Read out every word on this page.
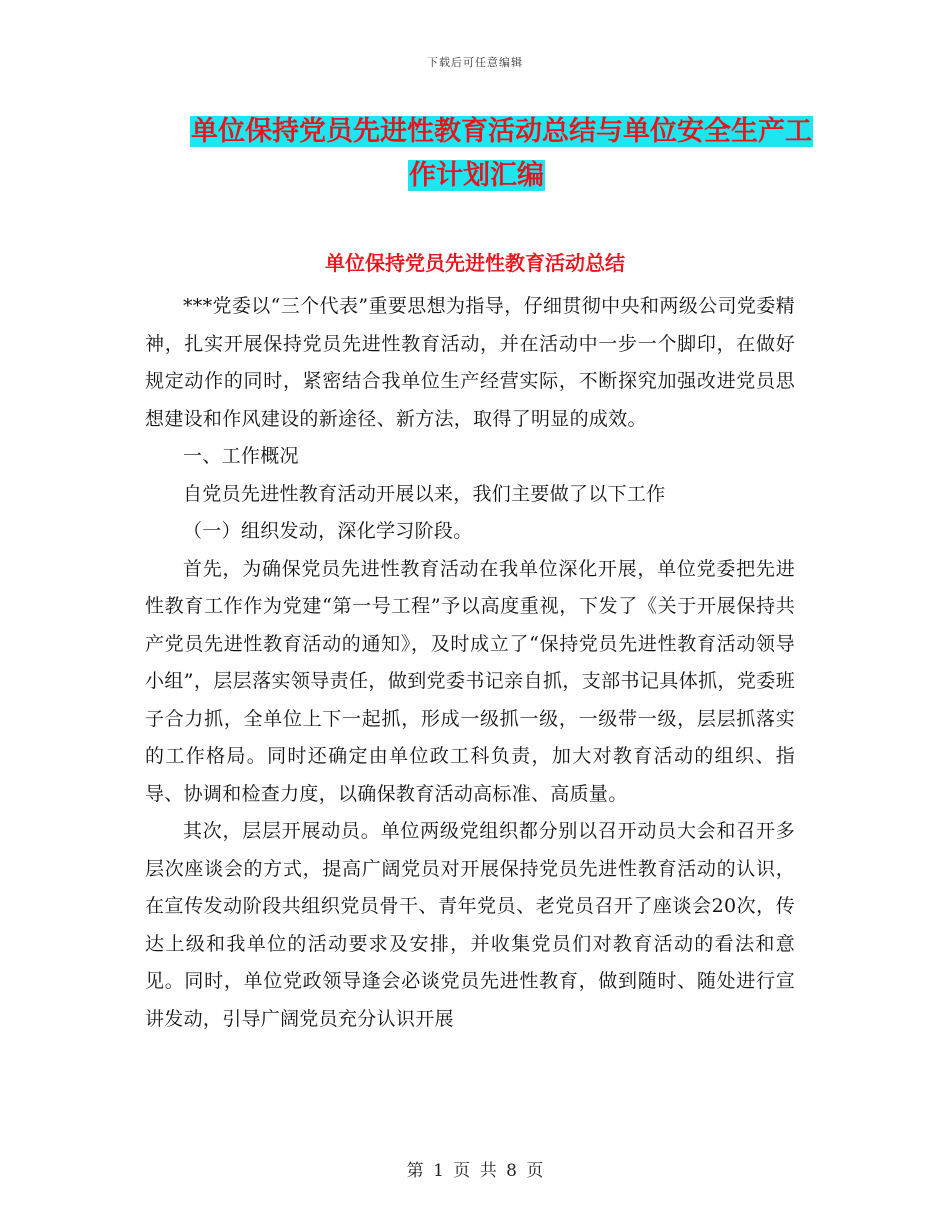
下载后可任意编辑
单位保持党员先进性教育活动总结与单位安全生产工
作计划汇编
单位保持党员先进性教育活动总结

***党委以“三个代表”重要思想为指导，仔细贯彻中央和两级公司党委精神，扎实开展保持党员先进性教育活动，并在活动中一步一个脚印，在做好规定动作的同时，紧密结合我单位生产经营实际，不断探究加强改进党员思想建设和作风建设的新途径、新方法，取得了明显的成效。

一、工作概况

自党员先进性教育活动开展以来，我们主要做了以下工作

（一）组织发动，深化学习阶段。

首先，为确保党员先进性教育活动在我单位深化开展，单位党委把先进性教育工作作为党建“第一号工程”予以高度重视，下发了《关于开展保持共产党员先进性教育活动的通知》，及时成立了“保持党员先进性教育活动领导小组”，层层落实领导责任，做到党委书记亲自抓，支部书记具体抓，党委班子合力抓，全单位上下一起抓，形成一级抓一级，一级带一级，层层抓落实的工作格局。同时还确定由单位政工科负责，加大对教育活动的组织、指导、协调和检查力度，以确保教育活动高标准、高质量。

其次，层层开展动员。单位两级党组织都分别以召开动员大会和召开多层次座谈会的方式，提高广阔党员对开展保持党员先进性教育活动的认识，在宣传发动阶段共组织党员骨干、青年党员、老党员召开了座谈会20次，传达上级和我单位的活动要求及安排，并收集党员们对教育活动的看法和意见。同时，单位党政领导逢会必谈党员先进性教育，做到随时、随处进行宣讲发动，引导广阔党员充分认识开展

第 1 页 共 8 页
